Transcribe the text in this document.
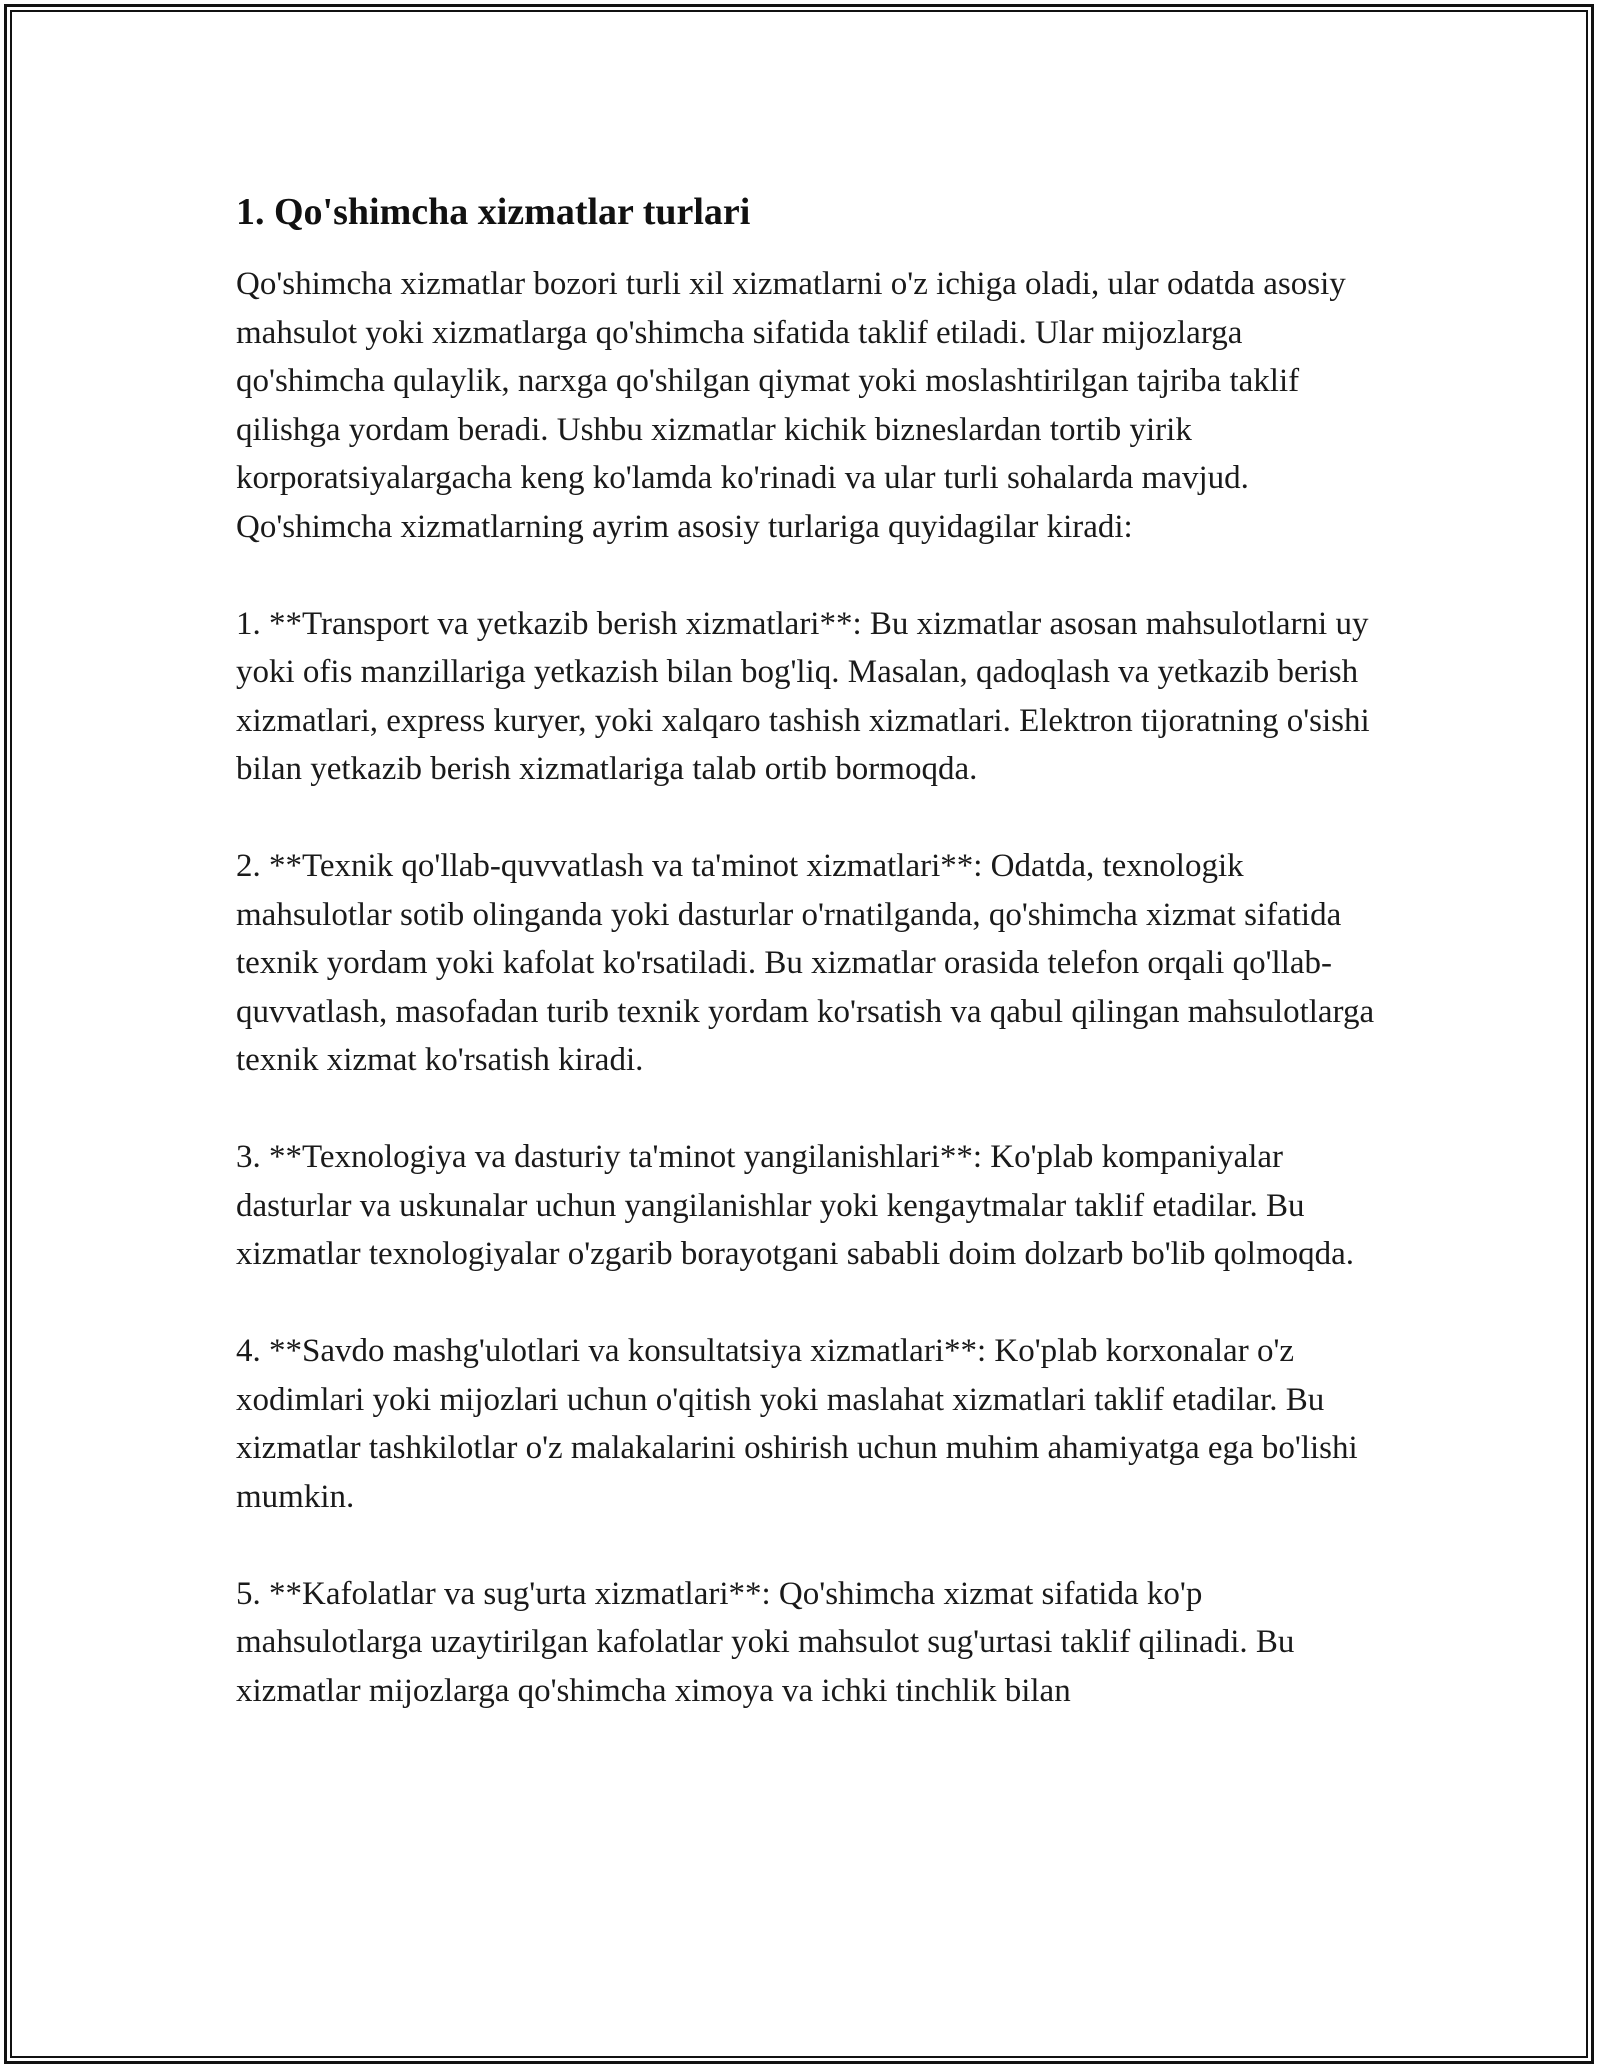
1. Qo'shimcha xizmatlar turlari

Qo'shimcha xizmatlar bozori turli xil xizmatlarni o'z ichiga oladi, ular odatda asosiy mahsulot yoki xizmatlarga qo'shimcha sifatida taklif etiladi. Ular mijozlarga qo'shimcha qulaylik, narxga qo'shilgan qiymat yoki moslashtirilgan tajriba taklif qilishga yordam beradi. Ushbu xizmatlar kichik bizneslardan tortib yirik korporatsiyalargacha keng ko'lamda ko'rinadi va ular turli sohalarda mavjud. Qo'shimcha xizmatlarning ayrim asosiy turlariga quyidagilar kiradi:

1. **Transport va yetkazib berish xizmatlari**: Bu xizmatlar asosan mahsulotlarni uy yoki ofis manzillariga yetkazish bilan bog'liq. Masalan, qadoqlash va yetkazib berish xizmatlari, express kuryer, yoki xalqaro tashish xizmatlari. Elektron tijoratning o'sishi bilan yetkazib berish xizmatlariga talab ortib bormoqda.

2. **Texnik qo'llab-quvvatlash va ta'minot xizmatlari**: Odatda, texnologik mahsulotlar sotib olinganda yoki dasturlar o'rnatilganda, qo'shimcha xizmat sifatida texnik yordam yoki kafolat ko'rsatiladi. Bu xizmatlar orasida telefon orqali qo'llab-quvvatlash, masofadan turib texnik yordam ko'rsatish va qabul qilingan mahsulotlarga texnik xizmat ko'rsatish kiradi.

3. **Texnologiya va dasturiy ta'minot yangilanishlari**: Ko'plab kompaniyalar dasturlar va uskunalar uchun yangilanishlar yoki kengaytmalar taklif etadilar. Bu xizmatlar texnologiyalar o'zgarib borayotgani sababli doim dolzarb bo'lib qolmoqda.

4. **Savdo mashg'ulotlari va konsultatsiya xizmatlari**: Ko'plab korxonalar o'z xodimlari yoki mijozlari uchun o'qitish yoki maslahat xizmatlari taklif etadilar. Bu xizmatlar tashkilotlar o'z malakalarini oshirish uchun muhim ahamiyatga ega bo'lishi mumkin.

5. **Kafolatlar va sug'urta xizmatlari**: Qo'shimcha xizmat sifatida ko'p mahsulotlarga uzaytirilgan kafolatlar yoki mahsulot sug'urtasi taklif qilinadi. Bu xizmatlar mijozlarga qo'shimcha ximoya va ichki tinchlik bilan
